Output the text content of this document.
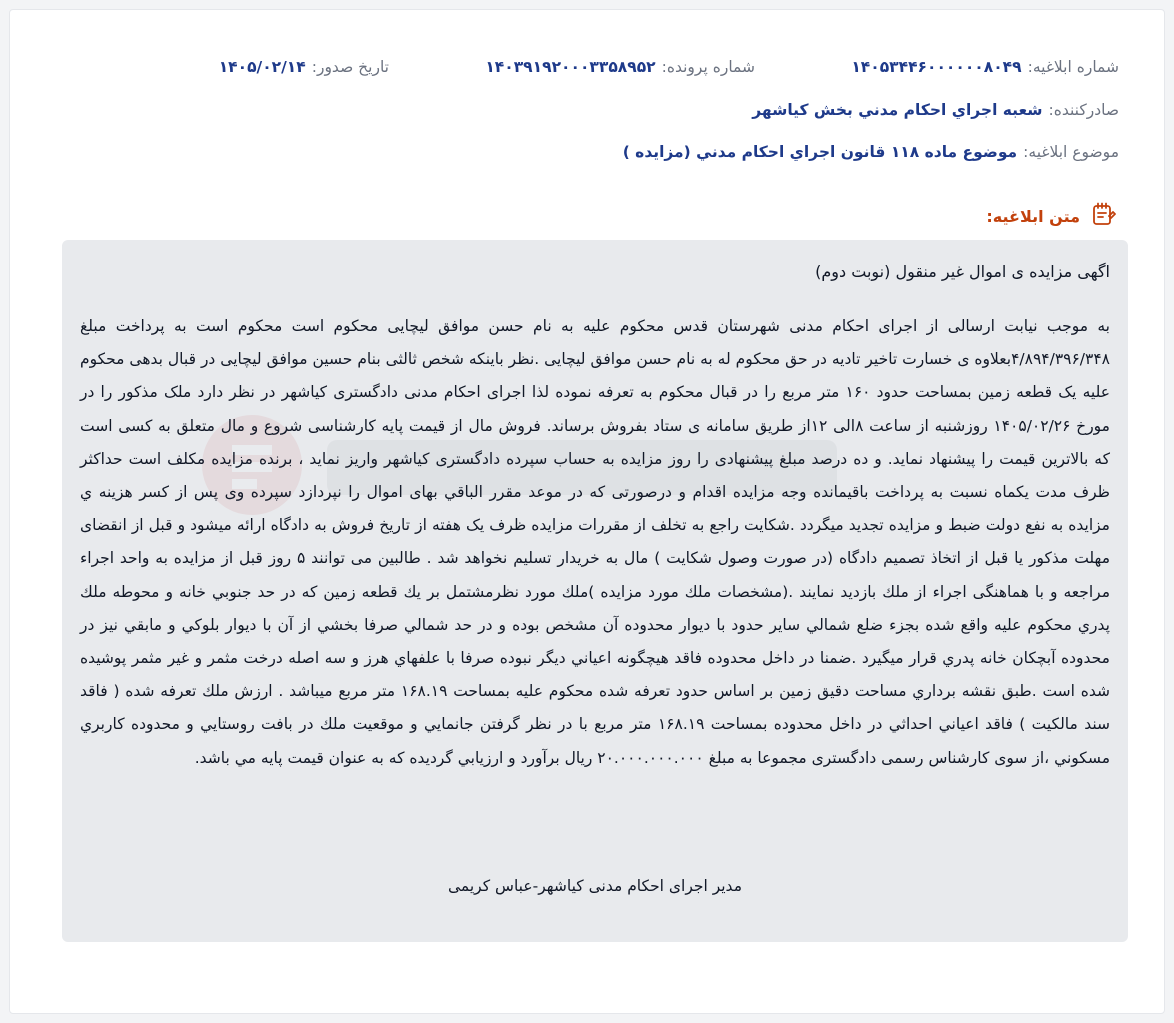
شماره ابلاغیه:
۱۴۰۵۳۴۴۶۰۰۰۰۰۰۸۰۴۹
شماره پرونده:
۱۴۰۳۹۱۹۲۰۰۰۳۳۵۸۹۵۲
تاریخ صدور:
۱۴۰۵/۰۲/۱۴
صادرکننده:
شعبه اجراي احکام مدني بخش کیاشهر
موضوع ابلاغیه:
موضوع ماده ۱۱۸ قانون اجراي احکام مدني (مزايده )
متن ابلاغیه:
اگهی مزایده ی اموال غیر منقول (نوبت دوم)
به موجب نیابت ارسالی از اجرای احکام مدنی شهرستان قدس محکوم علیه به نام حسن موافق لیچایی محکوم است محکوم است به پرداخت مبلغ ۴/۸۹۴/۳۹۶/۳۴۸بعلاوه ی خسارت تاخیر تادیه در حق محکوم له به نام حسن موافق لیچایی .نظر باینکه شخص ثالثی بنام حسین موافق لیچایی در قبال بدهی محکوم علیه یک قطعه زمین بمساحت حدود ۱۶۰ متر مربع را در قبال محکوم به تعرفه نموده لذا اجرای احکام مدنی دادگستری کیاشهر در نظر دارد ملک مذکور را در مورخ ۱۴۰۵/۰۲/۲۶ روزشنبه از ساعت ۸الی ۱۲از طریق سامانه ی ستاد بفروش برساند. فروش مال از قیمت پایه کارشناسی شروع و مال متعلق به کسی است که بالاترین قیمت را پیشنهاد نماید. و ده درصد مبلغ پیشنهادی را روز مزایده به حساب سپرده دادگستری کیاشهر واریز نماید ، برنده مزایده مکلف است حداکثر ظرف مدت یکماه نسبت به پرداخت باقیمانده وجه مزایده اقدام و درصورتی که در موعد مقرر الباقي بهای اموال را نپردازد سپرده وی پس از کسر هزینه ي مزایده به نفع دولت ضبط و مزایده تجدید میگردد .شکایت راجع به تخلف از مقررات مزایده ظرف یک هفته از تاریخ فروش به دادگاه ارائه میشود و قبل از انقضای مهلت مذکور یا قبل از اتخاذ تصمیم دادگاه (در صورت وصول شکایت ) مال به خریدار تسلیم نخواهد شد . طالبین می توانند ۵ روز قبل از مزایده به واحد اجراء مراجعه و با هماهنگی اجراء از ملك بازديد نمايند .(مشخصات ملك مورد مزايده )ملك مورد نظرمشتمل بر يك قطعه زمين كه در حد جنوبي خانه و محوطه ملك پدري محكوم عليه واقع شده بجزء ضلع شمالي ساير حدود با ديوار محدوده آن مشخص بوده و در حد شمالي صرفا بخشي از آن با ديوار بلوكي و مابقي نيز در محدوده آبچكان خانه پدري قرار ميگيرد .ضمنا در داخل محدوده فاقد هيچگونه اعياني ديگر نبوده صرفا با علفهاي هرز و سه اصله درخت مثمر و غير مثمر پوشيده شده است .طبق نقشه برداري مساحت دقيق زمين بر اساس حدود تعرفه شده محكوم عليه بمساحت ۱۶۸.۱۹ متر مربع ميباشد . ارزش ملك تعرفه شده ( فاقد سند مالكيت ) فاقد اعياني احداثي در داخل محدوده بمساحت ۱۶۸.۱۹ متر مربع با در نظر گرفتن جانمايي و موقعيت ملك در بافت روستايي و محدوده كاربري مسكوني ،از سوی كارشناس رسمی دادگستری مجموعا به مبلغ ۲۰.۰۰۰.۰۰۰.۰۰۰ ريال برآورد و ارزيابي گرديده كه به عنوان قيمت پايه مي باشد.
مدیر اجرای احکام مدنی کیاشهر-عباس کریمی
